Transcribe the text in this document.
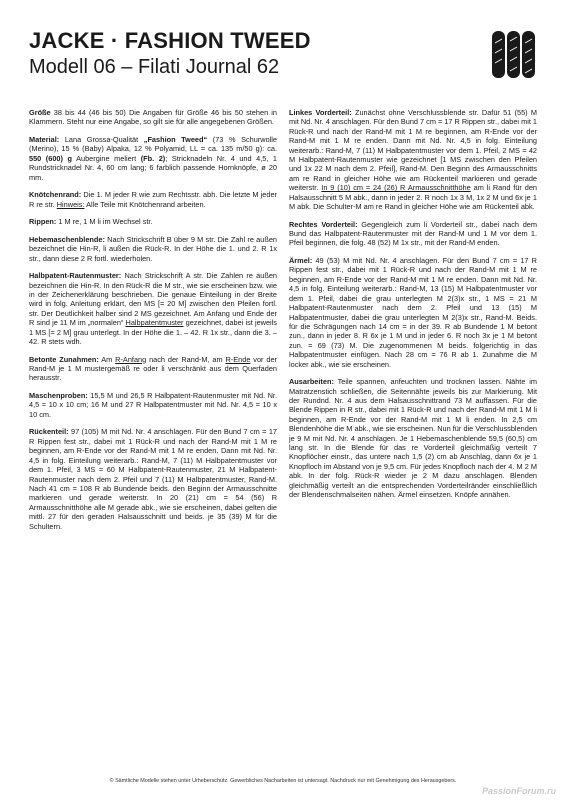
JACKE · FASHION TWEED
Modell 06 – Filati Journal 62

Größe 38 bis 44 (46 bis 50) Die Angaben für Größe 46 bis 50 stehen in Klammern. Steht nur eine Angabe, so gilt sie für alle angegebenen Größen.

Material: Lana Grossa-Qualität „Fashion Tweed“ (73 % Schurwolle (Merino), 15 % (Baby) Alpaka, 12 % Polyamid, LL = ca. 135 m/50 g): ca. 550 (600) g Aubergine meliert (Fb. 2); Stricknadeln Nr. 4 und 4,5, 1 Rundstricknadel Nr. 4, 60 cm lang; 6 farblich passende Hornknöpfe, ø 20 mm.

Knötchenrand: Die 1. M jeder R wie zum Rechtsstr. abh. Die letzte M jeder R re str. Hinweis: Alle Teile mit Knötchenrand arbeiten.

Rippen: 1 M re, 1 M li im Wechsel str.

Hebemaschenblende: Nach Strickschrift B über 9 M str. Die Zahl re außen bezeichnet die Hin-R, li außen die Rück-R. In der Höhe die 1. und 2. R 1x str., dann diese 2 R fortl. wiederholen.

Halbpatent-Rautenmuster: Nach Strickschrift A str. Die Zahlen re außen bezeichnen die Hin-R. In den Rück-R die M str., wie sie erscheinen bzw. wie in der Zeichenerklärung beschrieben. Die genaue Einteilung in der Breite wird in folg. Anleitung erklärt, den MS [= 20 M] zwischen den Pfeilen fortl. str. Der Deutlichkeit halber sind 2 MS gezeichnet. Am Anfang und Ende der R sind je 11 M im „normalen“ Halbpatentmuster gezeichnet, dabei ist jeweils 1 MS [= 2 M] grau unterlegt. In der Höhe die 1. – 42. R 1x str., dann die 3. – 42. R stets wdh.

Betonte Zunahmen: Am R-Anfang nach der Rand-M, am R-Ende vor der Rand-M je 1 M mustergemäß re oder li verschränkt aus dem Querfaden herausstr.

Maschenproben: 15,5 M und 26,5 R Halbpatent-Rautenmuster mit Nd. Nr. 4,5 = 10 x 10 cm; 16 M und 27 R Halbpatentmuster mit Nd. Nr. 4,5 = 10 x 10 cm.

Rückenteil: 97 (105) M mit Nd. Nr. 4 anschlagen. Für den Bund 7 cm = 17 R Rippen fest str., dabei mit 1 Rück-R und nach der Rand-M mit 1 M re beginnen, am R-Ende vor der Rand-M mit 1 M re enden. Dann mit Nd. Nr. 4,5 in folg. Einteilung weiterarb.: Rand-M, 7 (11) M Halbpatentmuster vor dem 1. Pfeil, 3 MS = 60 M Halbpatent-Rautenmuster, 21 M Halbpatent-Rautenmuster nach dem 2. Pfeil und 7 (11) M Halbpatentmuster, Rand-M. Nach 41 cm = 108 R ab Bundende beids. den Beginn der Armausschnitte markieren und gerade weiterstr. In 20 (21) cm = 54 (56) R Armausschnitthöhe alle M gerade abk., wie sie erscheinen, dabei gelten die mittl. 27 für den geraden Halsausschnitt und beids. je 35 (39) M für die Schultern.

Linkes Vorderteil: Zunächst ohne Verschlussblende str. Dafür 51 (55) M mit Nd. Nr. 4 anschlagen. Für den Bund 7 cm = 17 R Rippen str., dabei mit 1 Rück-R und nach der Rand-M mit 1 M re beginnen, am R-Ende vor der Rand-M mit 1 M re enden. Dann mit Nd. Nr. 4,5 in folg. Einteilung weiterarb.: Rand-M, 7 (11) M Halbpatentmuster vor dem 1. Pfeil, 2 MS = 42 M Halbpatent-Rautenmuster wie gezeichnet [1 MS zwischen den Pfeilen und 1x 22 M nach dem 2. Pfeil], Rand-M. Den Beginn des Armausschnitts am re Rand in gleicher Höhe wie am Rückenteil markieren und gerade weiterstr. In 9 (10) cm = 24 (26) R Armausschnitthöhe am li Rand für den Halsausschnitt 5 M abk., dann in jeder 2. R noch 1x 3 M, 1x 2 M und 6x je 1 M abk. Die Schulter-M am re Rand in gleicher Höhe wie am Rückenteil abk.

Rechtes Vorderteil: Gegengleich zum li Vorderteil str., dabei nach dem Bund das Halbpatent-Rautenmuster mit der Rand-M und 1 M vor dem 1. Pfeil beginnen, die folg. 48 (52) M 1x str., mit der Rand-M enden.

Ärmel: 49 (53) M mit Nd. Nr. 4 anschlagen. Für den Bund 7 cm = 17 R Rippen fest str., dabei mit 1 Rück-R und nach der Rand-M mit 1 M re beginnen, am R-Ende vor der Rand-M mit 1 M re enden. Dann mit Nd. Nr. 4,5 in folg. Einteilung weiterarb.: Rand-M, 13 (15) M Halbpatentmuster vor dem 1. Pfeil, dabei die grau unterlegten M 2(3)x str., 1 MS = 21 M Halbpatent-Rautenmuster nach dem 2. Pfeil und 13 (15) M Halbpatentmuster, dabei die grau unterlegten M 2(3)x str., Rand-M. Beids. für die Schrägungen nach 14 cm = in der 39. R ab Bundende 1 M betont zun., dann in jeder 8. R 6x je 1 M und in jeder 6. R noch 3x je 1 M betont zun. = 69 (73) M. Die zugenommenen M beids. folgerichtig in das Halbpatentmuster einfügen. Nach 28 cm = 76 R ab 1. Zunahme die M locker abk., wie sie erscheinen.

Ausarbeiten: Teile spannen, anfeuchten und trocknen lassen. Nähte im Matratzenstich schließen, die Seitennähte jeweils bis zur Markierung. Mit der Rundnd. Nr. 4 aus dem Halsausschnittrand 73 M auffassen. Für die Blende Rippen in R str., dabei mit 1 Rück-R und nach der Rand-M mit 1 M li beginnen, am R-Ende vor der Rand-M mit 1 M li enden. In 2,5 cm Blendenhöhe die M abk., wie sie erscheinen. Nun für die Verschlussblenden je 9 M mit Nd. Nr. 4 anschlagen. Je 1 Hebemaschenblende 59,5 (60,5) cm lang str. In die Blende für das re Vorderteil gleichmäßig verteilt 7 Knopflöcher einstr., das untere nach 1,5 (2) cm ab Anschlag, dann 6x je 1 Knopfloch im Abstand von je 9,5 cm. Für jedes Knopfloch nach der 4. M 2 M abk. In der folg. Rück-R wieder je 2 M dazu anschlagen. Blenden gleichmäßig verteilt an die entsprechenden Vorderteilränder einschließlich der Blendenschmalseiten nähen. Ärmel einsetzen. Knöpfe annähen.

© Sämtliche Modelle stehen unter Urheberschutz. Gewerbliches Nacharbeiten ist untersagt. Nachdruck nur mit Genehmigung des Herausgebers.
PassionForum.ru
